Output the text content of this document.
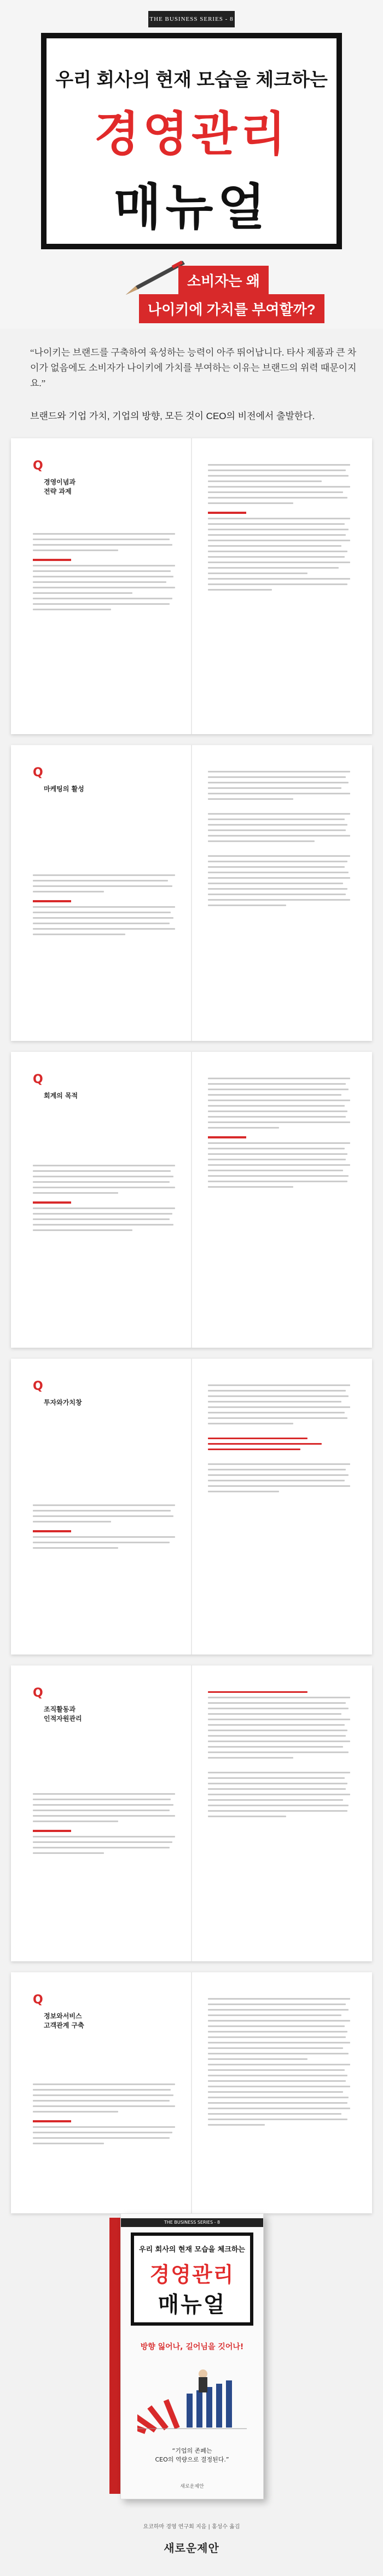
THE BUSINESS SERIES - 8
우리 회사의 현재 모습을 체크하는
경영관리
매뉴얼
소비자는 왜
나이키에 가치를 부여할까?
“나이키는 브랜드를 구축하여 육성하는 능력이 아주 뛰어납니다. 타사 제품과 큰 차이가 없음에도 소비자가 나이키에 가치를 부여하는 이유는 브랜드의 위력 때문이지요.”
브랜드와 기업 가치, 기업의 방향, 모든 것이 CEO의 비전에서 출발한다.
Q
경영이념과
전략 과제
Q
마케팅의 활성
Q
회계의 목적
Q
투자와가치창
Q
조직활동과
인적자원관리
Q
정보와서비스
고객관계 구축
THE BUSINESS SERIES - 8
우리 회사의 현재 모습을 체크하는
경영관리
매뉴얼
방향 잃어나, 길어님을 깃어나!
“기업의 존폐는
CEO의 역량으로 결정된다.”
새로운제안
요코하마 경영 연구회 지음 | 홍성수 옮김
새로운제안
